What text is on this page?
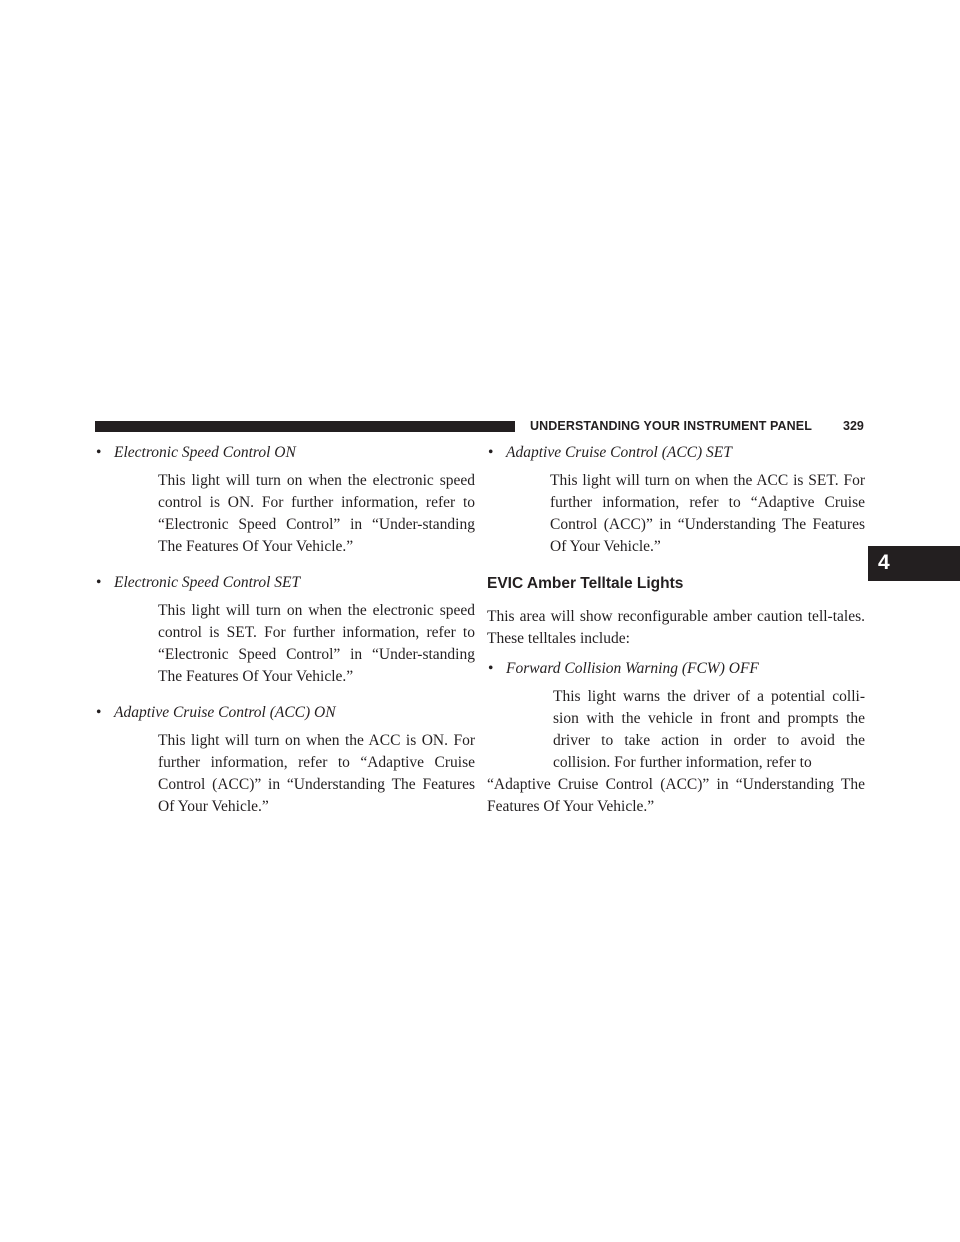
UNDERSTANDING YOUR INSTRUMENT PANEL 329
4

• Electronic Speed Control ON

This light will turn on when the electronic speed control is ON. For further information, refer to “Electronic Speed Control” in “Under-standing The Features Of Your Vehicle.”

• Electronic Speed Control SET

This light will turn on when the electronic speed control is SET. For further information, refer to “Electronic Speed Control” in “Under-standing The Features Of Your Vehicle.”

• Adaptive Cruise Control (ACC) ON

This light will turn on when the ACC is ON. For further information, refer to “Adaptive Cruise Control (ACC)” in “Understanding The Features Of Your Vehicle.”

• Adaptive Cruise Control (ACC) SET

This light will turn on when the ACC is SET. For further information, refer to “Adaptive Cruise Control (ACC)” in “Understanding The Features Of Your Vehicle.”

EVIC Amber Telltale Lights

This area will show reconfigurable amber caution tell-tales. These telltales include:

• Forward Collision Warning (FCW) OFF

This light warns the driver of a potential colli-sion with the vehicle in front and prompts the driver to take action in order to avoid the collision. For further information, refer to

“Adaptive Cruise Control (ACC)” in “Understanding The Features Of Your Vehicle.”
